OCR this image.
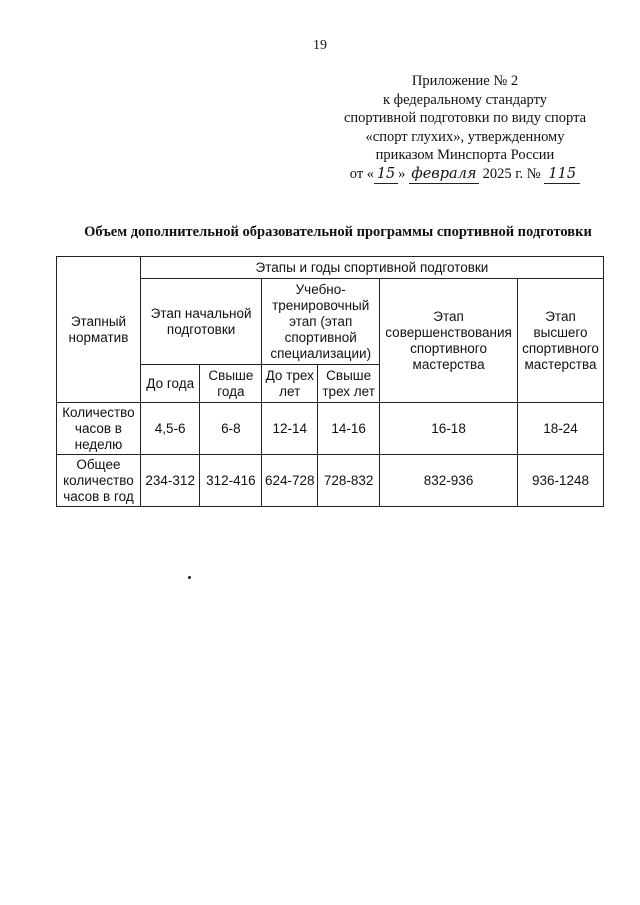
19
Приложение № 2
к федеральному стандарту
спортивной подготовки по виду спорта
«спорт глухих», утвержденному
приказом Минспорта России
от « 15 » февраля 2025 г. № 115
Объем дополнительной образовательной программы спортивной подготовки
Этапный норматив	Этапы и годы спортивной подготовки					
	Этап начальной подготовки		Учебно-тренировочный этап (этап спортивной специализации)		Этап совершенствования спортивного мастерства	Этап высшего спортивного мастерства
	До года	Свыше года	До трех лет	Свыше трех лет		
Количество часов в неделю	4,5-6	6-8	12-14	14-16	16-18	18-24
Общее количество часов в год	234-312	312-416	624-728	728-832	832-936	936-1248
